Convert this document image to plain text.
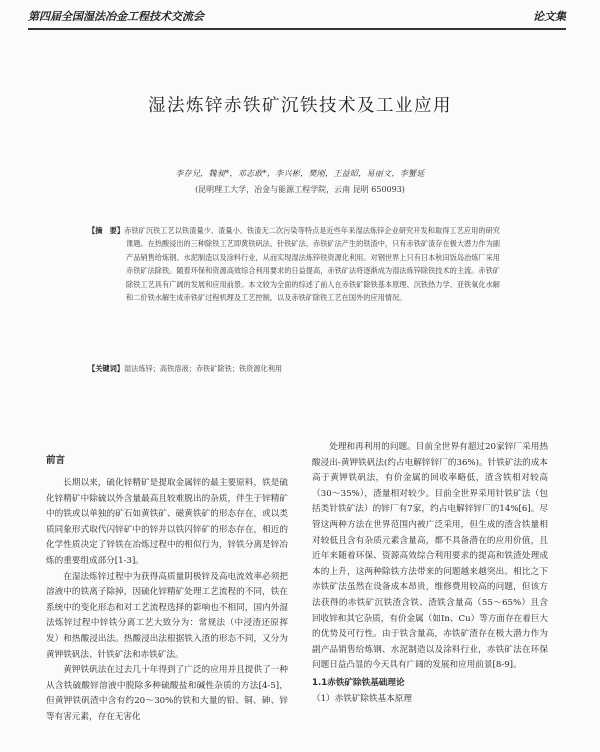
第四届全国湿法冶金工程技术交流会	论文集
湿法炼锌赤铁矿沉铁技术及工业应用
李存兄，魏昶*，邓志敢*，李兴彬，樊刚，王益昭，易丽文，李蟹延
(昆明理工大学，冶金与能源工程学院，云南 昆明 650093)
【摘　要】赤铁矿沉铁工艺以铁渣量少、渣量小、铁渣无二次污染等特点是近些年来湿法炼锌企业研究开发和取得工艺应用的研究课题。在热酸浸出的三种除铁工艺即黄铁矾法、针铁矿法、赤铁矿法产生的铁渣中，只有赤铁矿渣存在极大潜力作为副产品销售给炼钢、水泥制造以及涂料行业，从而实现湿法炼锌铁资源化利用。对钢世界上只有日本秋田饭岛冶炼厂采用赤铁矿法除铁。随着环保和资源高效综合利用要求的日益提高，赤铁矿法将逐渐成为湿法炼锌除铁技术的主流。赤铁矿除铁工艺具有广阔的发展和应用前景。本文较为全面的综述了前人在赤铁矿除铁基本原理、沉铁热力学、亚铁氧化水解和二价铁水解生成赤铁矿过程机理及工艺控制，以及赤铁矿除铁工艺在国外的应用情况。
【关键词】湿法炼锌；高铁溶液；赤铁矿除铁；铁资源化利用
前言

长期以来，硫化锌精矿是提取金属锌的最主要原料，铁是硫化锌精矿中除硫以外含量最高且较难脱出的杂质，伴生于锌精矿中的铁或以单独的矿石如黄铁矿、磁黄铁矿的形态存在，或以类质同象形式取代闪锌矿中的锌并以铁闪锌矿的形态存在，相近的化学性质决定了锌铁在冶炼过程中的相似行为，锌铁分离是锌冶炼的重要组成部分[1-3]。

在湿法炼锌过程中为获得高质量阴极锌及高电流效率必须把溶液中的铁离子除掉，因硫化锌精矿处理工艺流程的不同，铁在系统中的变化形态和对工艺流程选择的影响也不相同，国内外湿法炼锌过程中锌铁分离工艺大致分为：常规法（中浸渣还原挥发）和热酸浸出法。热酸浸出法根据铁入渣的形态不同，又分为黄钾铁矾法、针铁矿法和赤铁矿法。

黄钾铁矾法在过去几十年得到了广泛的应用并且提供了一种从含铁硫酸锌溶液中脱除多种硫酸盐和碱性杂质的方法[4-5]，但黄钾铁矾渣中含有约20～30%的铁和大量的铅、铜、砷、锌等有害元素，存在无害化

处理和再利用的问题。目前全世界有超过20家锌厂采用热酸浸出-黄钾铁矾法(约占电解锌锌厂的36%)。针铁矿法的成本高于黄钾铁矾法，有价金属的回收率略低，渣含铁相对较高（30～35%），渣量相对较少。目前全世界采用针铁矿法（包括类针铁矿法）的锌厂有7家，约占电解锌锌厂的14%[6]。尽管这两种方法在世界范围内被广泛采用，但生成的渣含铁量相对较低且含有杂质元素含量高，都不具备潜在的应用价值，且近年来随着环保、资源高效综合利用要求的提高和铁渣处理成本的上升，这两种除铁方法带来的问题越来越突出。相比之下赤铁矿法虽然在设备成本昂贵，维修费用较高的问题，但该方法获得的赤铁矿沉铁渣含铁、渣铁含量高（55～65%）且含回收锌和其它杂质，有价金属（如In、Cu）等方面存在着巨大的优势及可行性。由于铁含量高，赤铁矿渣存在极大潜力作为副产品销售给炼钢、水泥制造以及涂料行业，赤铁矿法在环保问题日益凸显的今天具有广阔的发展和应用前景[8-9]。

1.1赤铁矿除铁基础理论
（1）赤铁矿除铁基本原理
